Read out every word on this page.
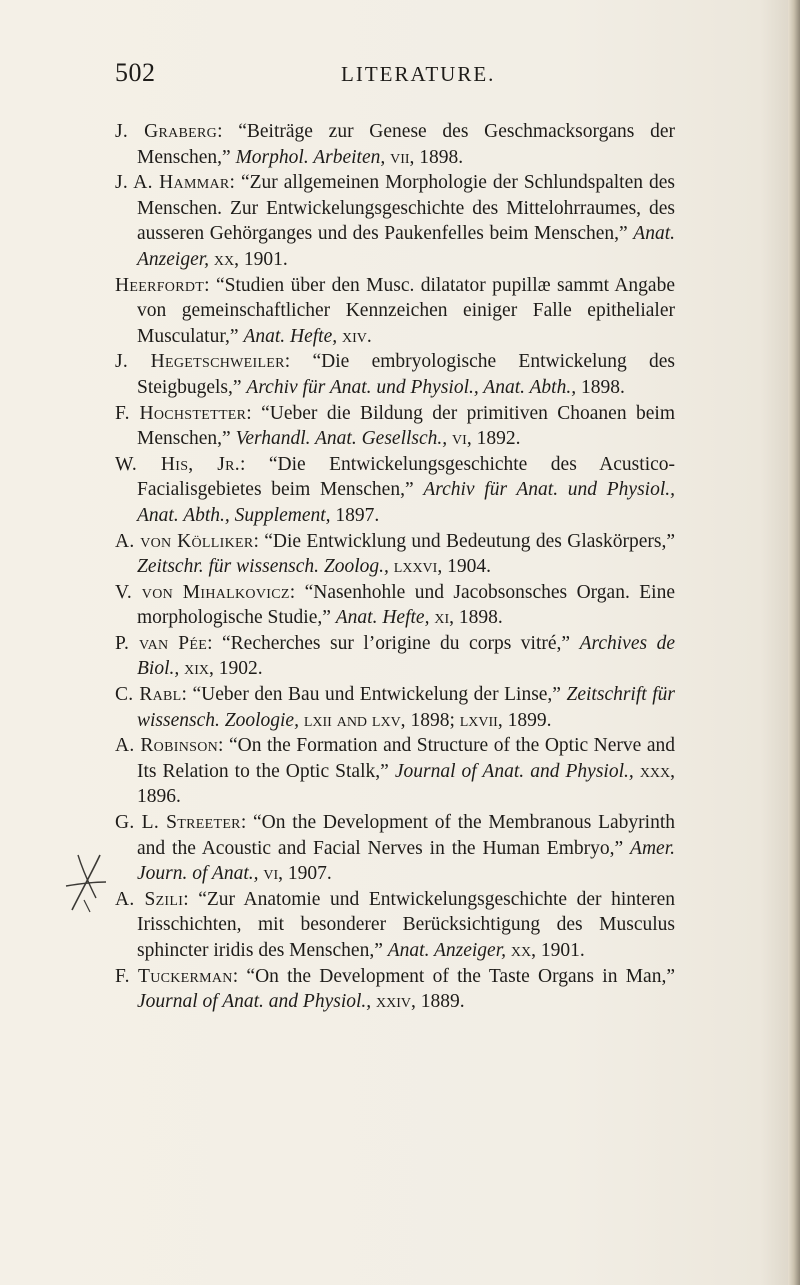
502	LITERATURE.

J. Graberg: “Beiträge zur Genese des Geschmacksorgans der Menschen,” Morphol. Arbeiten, vii, 1898.

J. A. Hammar: “Zur allgemeinen Morphologie der Schlundspalten des Menschen. Zur Entwickelungsgeschichte des Mittelohrraumes, des ausseren Gehörganges und des Paukenfelles beim Menschen,” Anat. Anzeiger, xx, 1901.

Heerfordt: “Studien über den Musc. dilatator pupillæ sammt Angabe von gemeinschaftlicher Kennzeichen einiger Falle epithelialer Musculatur,” Anat. Hefte, xiv.

J. Hegetschweiler: “Die embryologische Entwickelung des Steigbugels,” Archiv für Anat. und Physiol., Anat. Abth., 1898.

F. Hochstetter: “Ueber die Bildung der primitiven Choanen beim Menschen,” Verhandl. Anat. Gesellsch., vi, 1892.

W. His, Jr.: “Die Entwickelungsgeschichte des Acustico-Facialisgebietes beim Menschen,” Archiv für Anat. und Physiol., Anat. Abth., Supplement, 1897.

A. von Kölliker: “Die Entwicklung und Bedeutung des Glaskörpers,” Zeitschr. für wissensch. Zoolog., lxxvi, 1904.

V. von Mihalkovicz: “Nasenhohle und Jacobsonsches Organ. Eine morphologische Studie,” Anat. Hefte, xi, 1898.

P. van Pée: “Recherches sur l’origine du corps vitré,” Archives de Biol., xix, 1902.

C. Rabl: “Ueber den Bau und Entwickelung der Linse,” Zeitschrift für wissensch. Zoologie, lxii and lxv, 1898; lxvii, 1899.

A. Robinson: “On the Formation and Structure of the Optic Nerve and Its Relation to the Optic Stalk,” Journal of Anat. and Physiol., xxx, 1896.

G. L. Streeter: “On the Development of the Membranous Labyrinth and the Acoustic and Facial Nerves in the Human Embryo,” Amer. Journ. of Anat., vi, 1907.

A. Szili: “Zur Anatomie und Entwickelungsgeschichte der hinteren Irisschichten, mit besonderer Berücksichtigung des Musculus sphincter iridis des Menschen,” Anat. Anzeiger, xx, 1901.

F. Tuckerman: “On the Development of the Taste Organs in Man,” Journal of Anat. and Physiol., xxiv, 1889.
